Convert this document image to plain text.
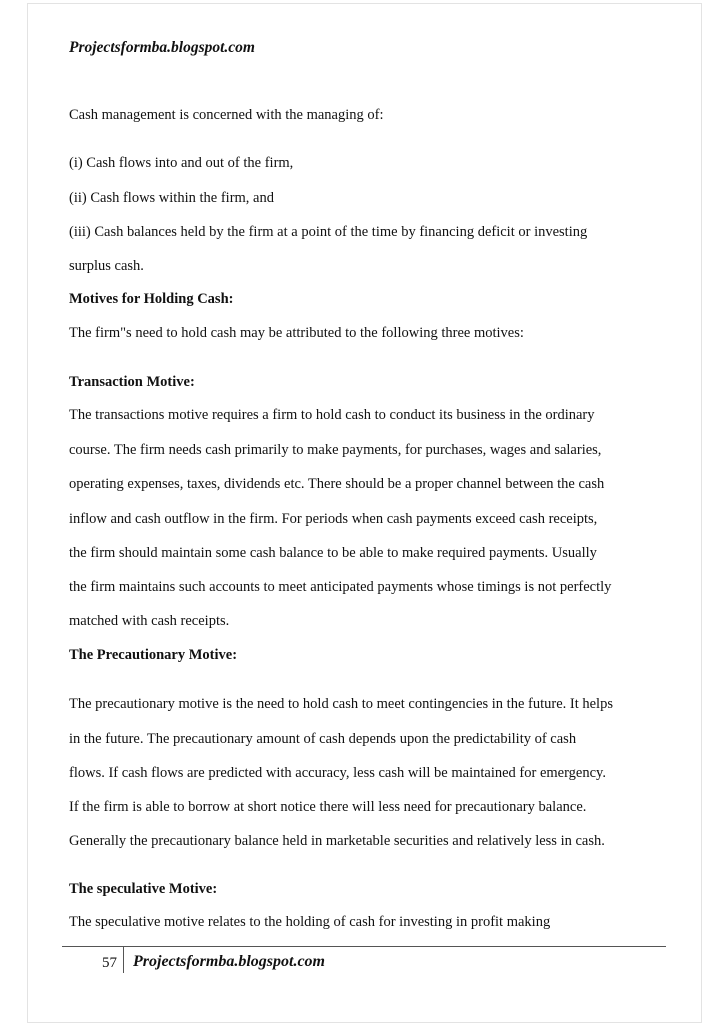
Projectsformba.blogspot.com
Cash management is concerned with the managing of:
(i) Cash flows into and out of the firm,
(ii) Cash flows within the firm, and
(iii) Cash balances held by the firm at a point of the time by financing deficit or investing
surplus cash.
Motives for Holding Cash:
The firm"s need to hold cash may be attributed to the following three motives:
Transaction Motive:
The transactions motive requires a firm to hold cash to conduct its business in the ordinary
course. The firm needs cash primarily to make payments, for purchases, wages and salaries,
operating expenses, taxes, dividends etc. There should be a proper channel between the cash
inflow and cash outflow in the firm. For periods when cash payments exceed cash receipts,
the firm should maintain some cash balance to be able to make required payments. Usually
the firm maintains such accounts to meet anticipated payments whose timings is not perfectly
matched with cash receipts.
The Precautionary Motive:
The precautionary motive is the need to hold cash to meet contingencies in the future. It helps
in the future. The precautionary amount of cash depends upon the predictability of cash
flows. If cash flows are predicted with accuracy, less cash will be maintained for emergency.
If the firm is able to borrow at short notice there will less need for precautionary balance.
Generally the precautionary balance held in marketable securities and relatively less in cash.
The speculative Motive:
The speculative motive relates to the holding of cash for investing in profit making
57 Projectsformba.blogspot.com
